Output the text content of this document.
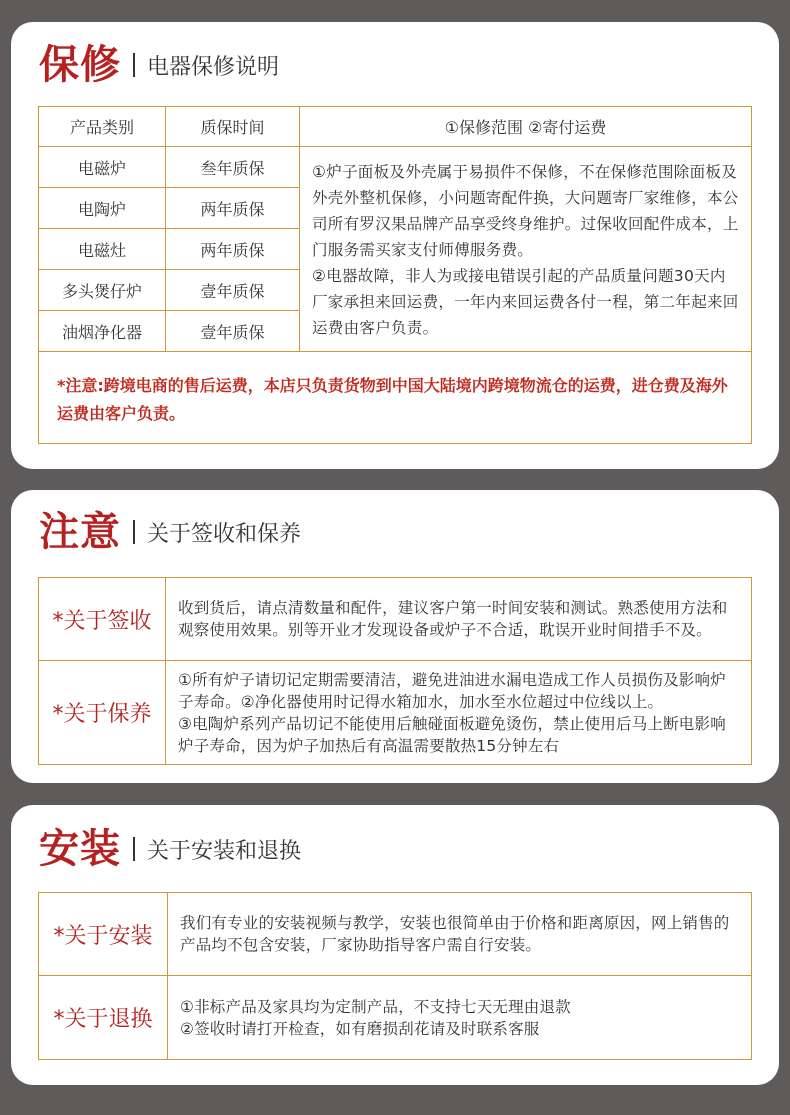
保修 电器保修说明
产品类别	质保时间	①保修范围 ②寄付运费
电磁炉	叁年质保	①炉子面板及外壳属于易损件不保修，不在保修范围除面板及外壳外整机保修，小问题寄配件换，大问题寄厂家维修，本公司所有罗汉果品牌产品享受终身维护。过保收回配件成本，上门服务需买家支付师傅服务费。
②电器故障，非人为或接电错误引起的产品质量问题30天内厂家承担来回运费，一年内来回运费各付一程，第二年起来回运费由客户负责。
电陶炉	两年质保	
电磁灶	两年质保	
多头煲仔炉	壹年质保	
油烟净化器	壹年质保	
*注意:跨境电商的售后运费，本店只负责货物到中国大陆境内跨境物流仓的运费，进仓费及海外运费由客户负责。		
注意 关于签收和保养
*关于签收	收到货后，请点清数量和配件，建议客户第一时间安装和测试。熟悉使用方法和观察使用效果。别等开业才发现设备或炉子不合适，耽误开业时间措手不及。
*关于保养	①所有炉子请切记定期需要清洁，避免进油进水漏电造成工作人员损伤及影响炉子寿命。②净化器使用时记得水箱加水，加水至水位超过中位线以上。
③电陶炉系列产品切记不能使用后触碰面板避免烫伤，禁止使用后马上断电影响炉子寿命，因为炉子加热后有高温需要散热15分钟左右
安装 关于安装和退换
*关于安装	我们有专业的安装视频与教学，安装也很简单由于价格和距离原因，网上销售的产品均不包含安装，厂家协助指导客户需自行安装。
*关于退换	①非标产品及家具均为定制产品，不支持七天无理由退款
②签收时请打开检查，如有磨损刮花请及时联系客服
